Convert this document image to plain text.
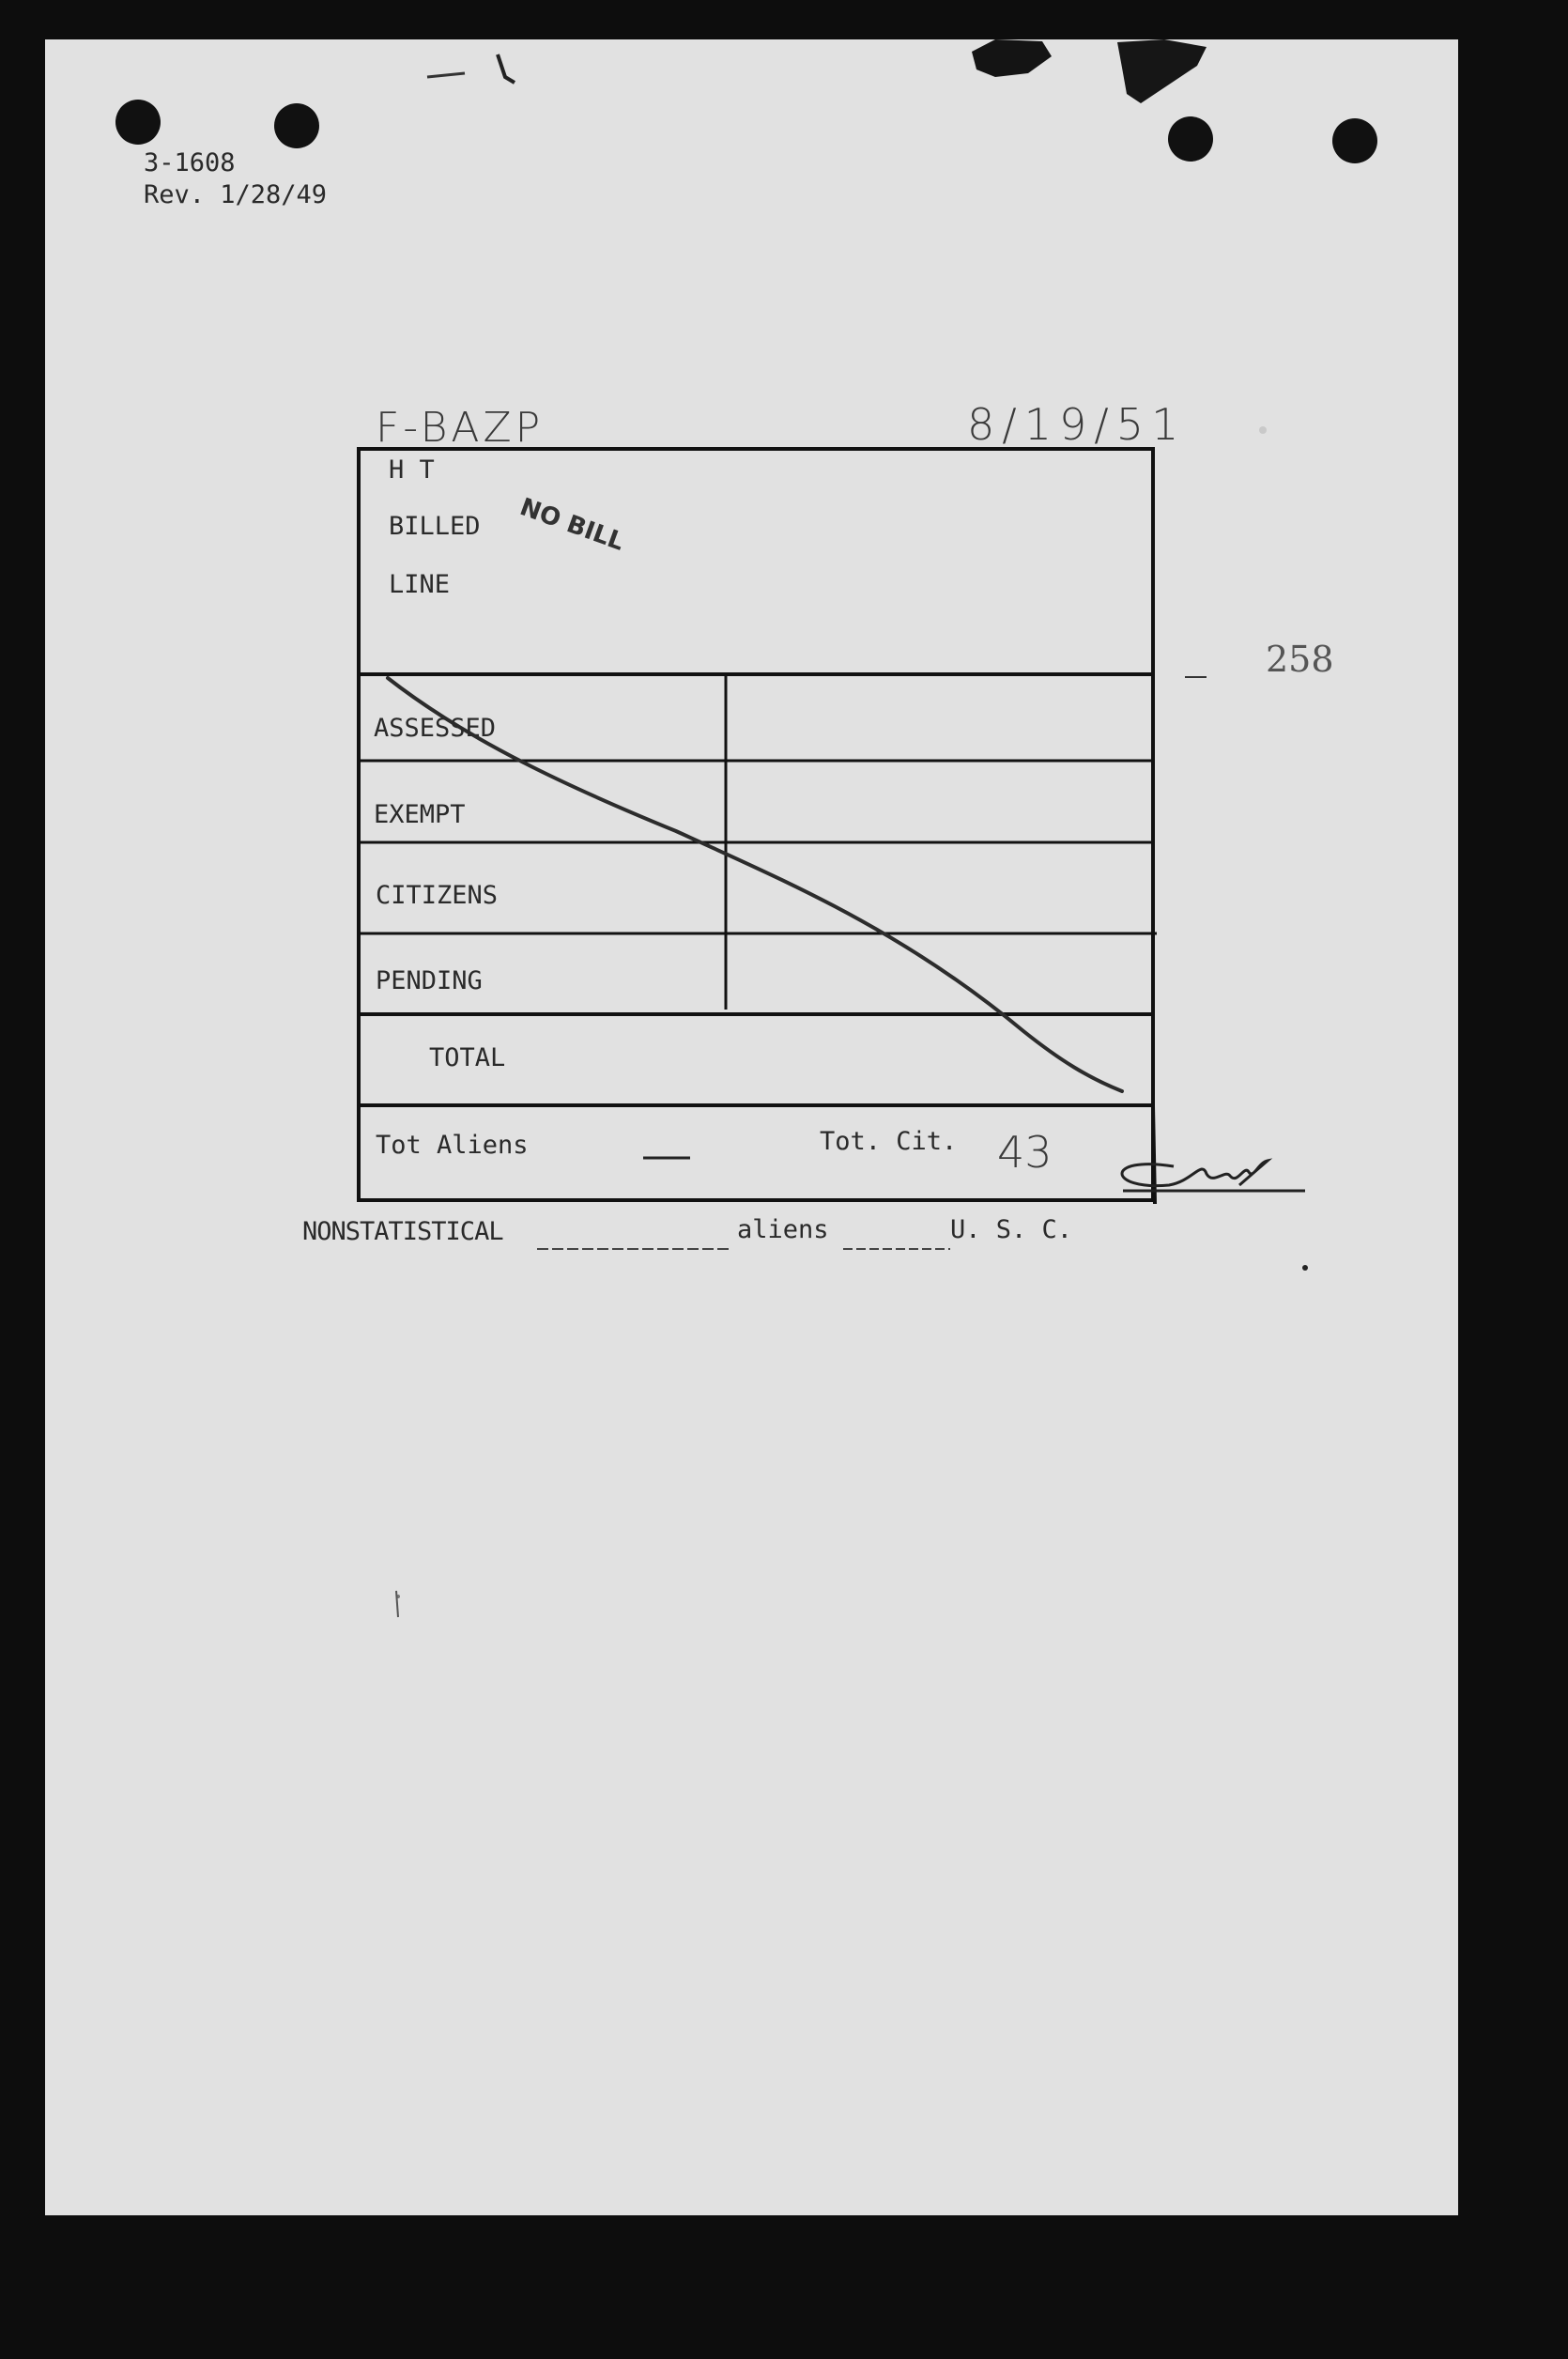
3-1608
Rev. 1/28/49
F-BAZP	8/19/51
258
H T
BILLED
LINE
NO BILL
ASSESSED
EXEMPT
CITIZENS
PENDING
TOTAL
Tot Aliens	Tot. Cit. 43
NONSTATISTICAL	aliens	U. S. C.
